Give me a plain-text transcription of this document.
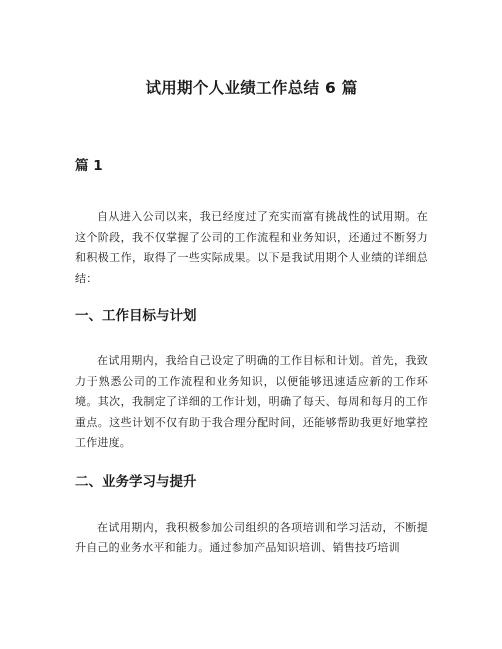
试用期个人业绩工作总结 6 篇
篇 1

自从进入公司以来，我已经度过了充实而富有挑战性的试用期。在这个阶段，我不仅掌握了公司的工作流程和业务知识，还通过不断努力和积极工作，取得了一些实际成果。以下是我试用期个人业绩的详细总结：

一、工作目标与计划

在试用期内，我给自己设定了明确的工作目标和计划。首先，我致力于熟悉公司的工作流程和业务知识，以便能够迅速适应新的工作环境。其次，我制定了详细的工作计划，明确了每天、每周和每月的工作重点。这些计划不仅有助于我合理分配时间，还能够帮助我更好地掌控工作进度。

二、业务学习与提升

在试用期内，我积极参加公司组织的各项培训和学习活动，不断提升自己的业务水平和能力。通过参加产品知识培训、销售技巧培训
